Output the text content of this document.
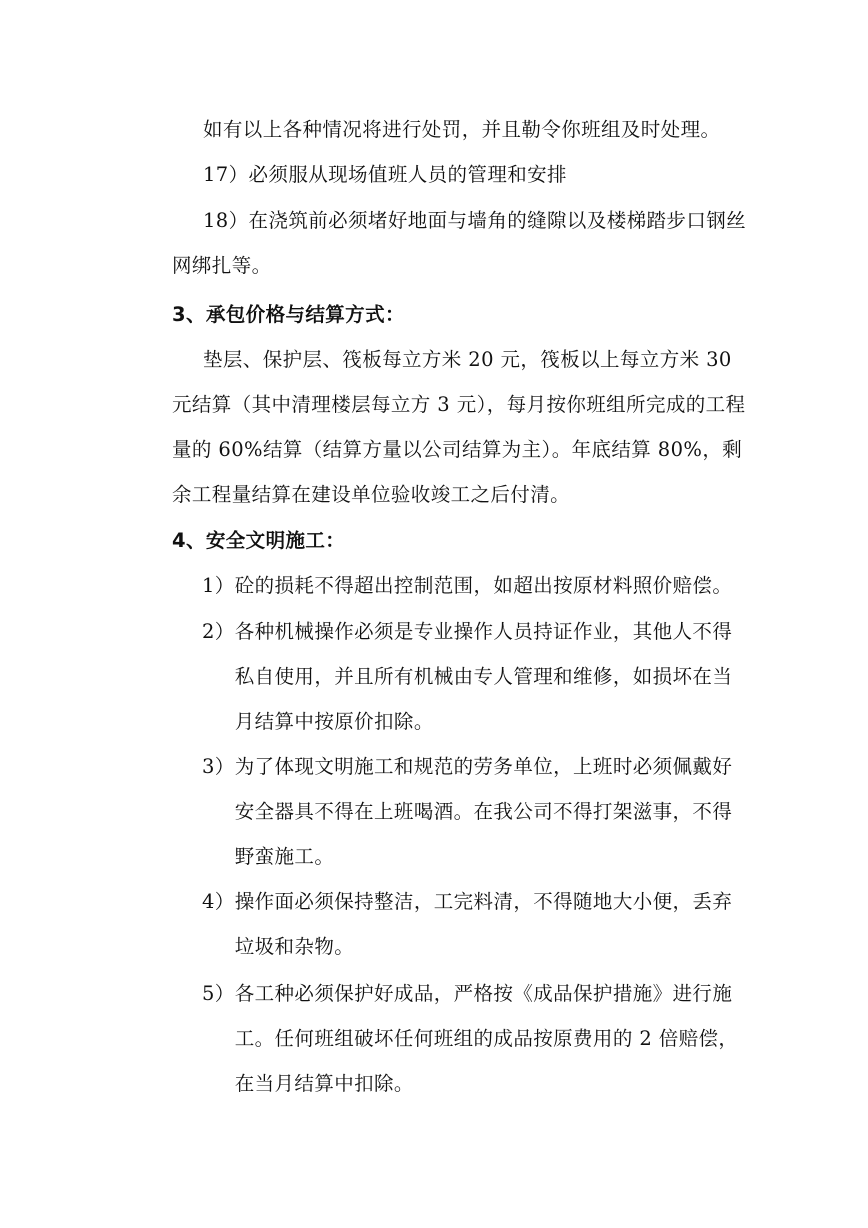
如有以上各种情况将进行处罚，并且勒令你班组及时处理。
17）必须服从现场值班人员的管理和安排
18）在浇筑前必须堵好地面与墙角的缝隙以及楼梯踏步口钢丝网绑扎等。
3、承包价格与结算方式：
垫层、保护层、筏板每立方米 20 元，筏板以上每立方米 30 元结算（其中清理楼层每立方 3 元），每月按你班组所完成的工程量的 60%结算（结算方量以公司结算为主）。年底结算 80%，剩余工程量结算在建设单位验收竣工之后付清。
4、安全文明施工：
1） 砼的损耗不得超出控制范围，如超出按原材料照价赔偿。
2） 各种机械操作必须是专业操作人员持证作业，其他人不得私自使用，并且所有机械由专人管理和维修，如损坏在当月结算中按原价扣除。
3） 为了体现文明施工和规范的劳务单位，上班时必须佩戴好安全器具不得在上班喝酒。在我公司不得打架滋事，不得野蛮施工。
4） 操作面必须保持整洁，工完料清，不得随地大小便，丢弃垃圾和杂物。
5） 各工种必须保护好成品，严格按《成品保护措施》进行施工。任何班组破坏任何班组的成品按原费用的 2 倍赔偿，在当月结算中扣除。
